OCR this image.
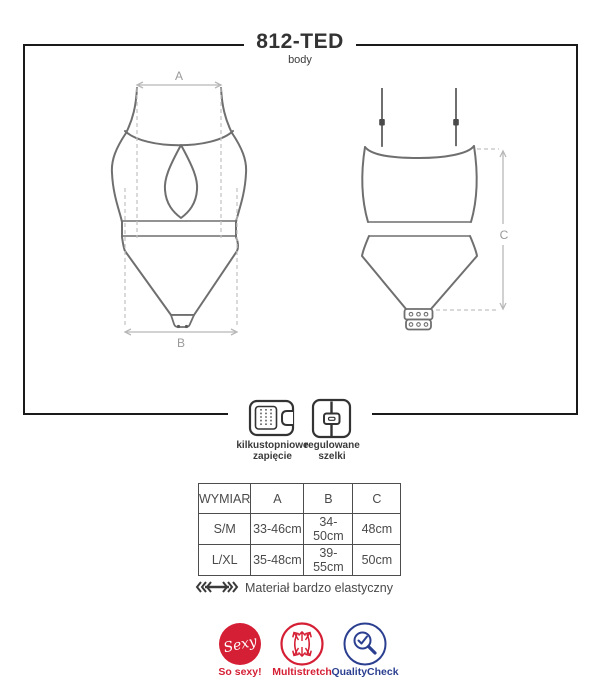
812-TED
body
A
B
C
kilkustopniowe
zapięcie
regulowane
szelki
WYMIAR	A	B	C
S/M	33-46cm	34-50cm	48cm
L/XL	35-48cm	39-55cm	50cm
Materiał bardzo elastyczny
Sexy
So sexy!	Multistretch QualityCheck
